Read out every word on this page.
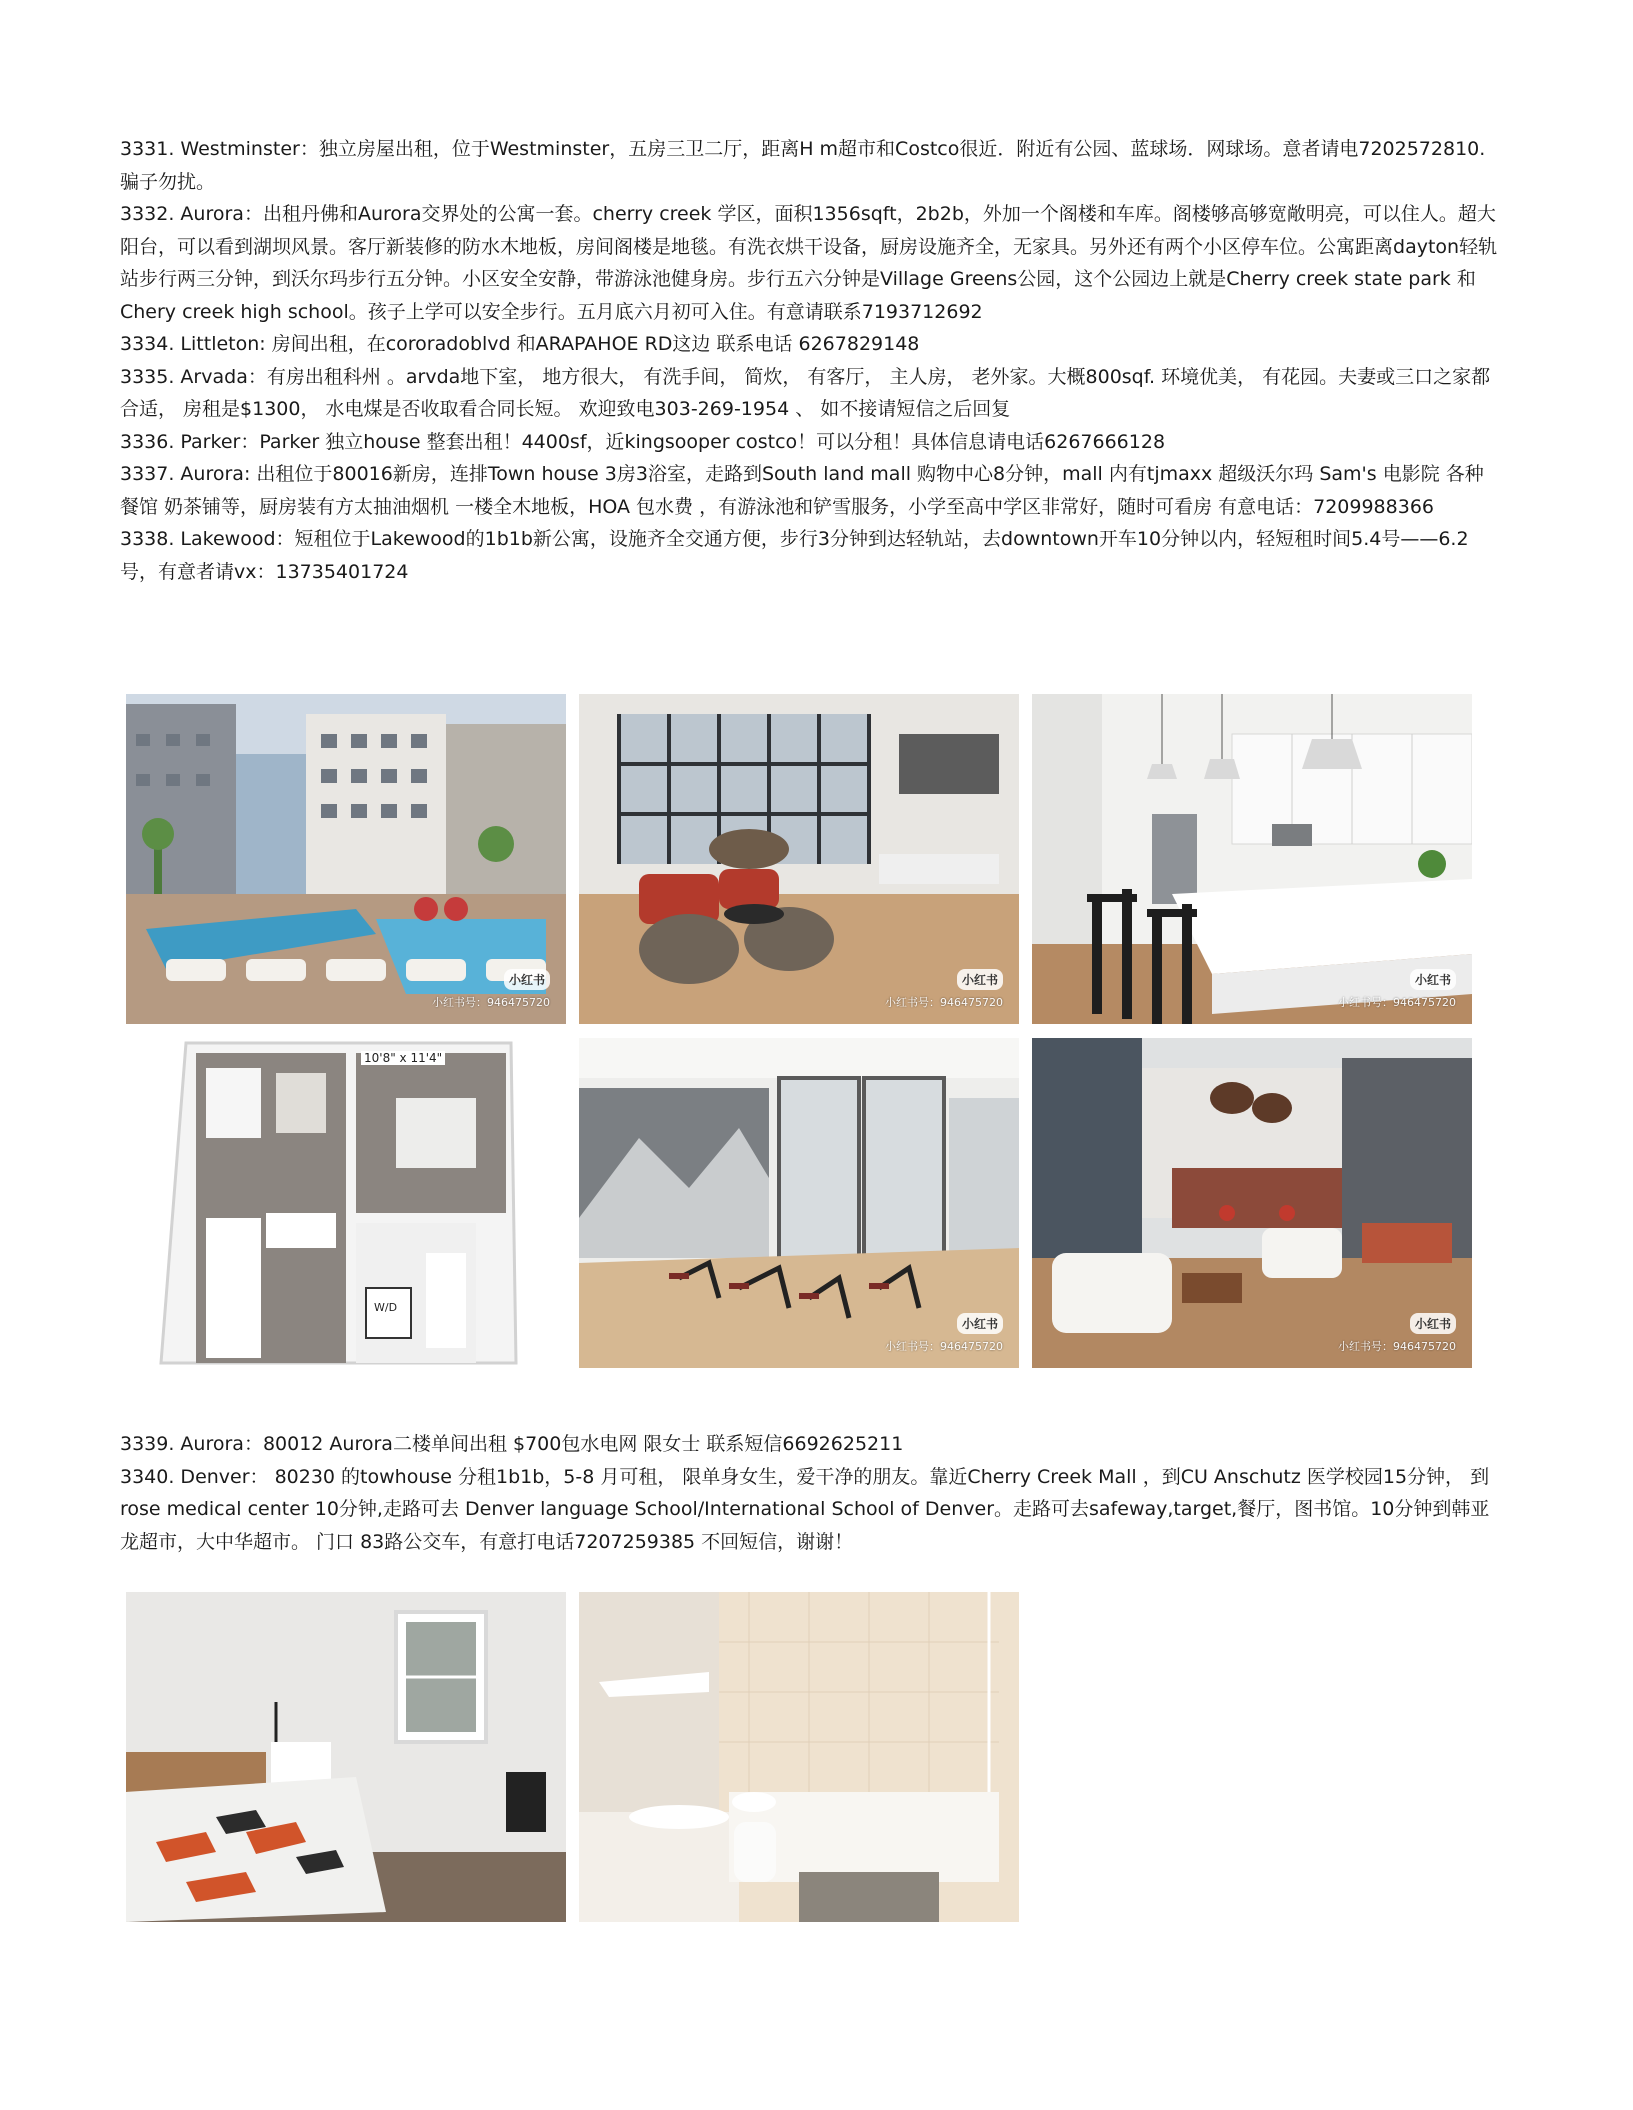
3331. Westminster：独立房屋出租，位于Westminster，五房三卫二厅，距离H m超市和Costco很近．附近有公园、蓝球场．网球场。意者请电7202572810. 骗子勿扰。

3332. Aurora：出租丹佛和Aurora交界处的公寓一套。cherry creek 学区，面积1356sqft，2b2b，外加一个阁楼和车库。阁楼够高够宽敞明亮，可以住人。超大阳台，可以看到湖坝风景。客厅新装修的防水木地板，房间阁楼是地毯。有洗衣烘干设备，厨房设施齐全，无家具。另外还有两个小区停车位。公寓距离dayton轻轨站步行两三分钟，到沃尔玛步行五分钟。小区安全安静，带游泳池健身房。步行五六分钟是Village Greens公园，这个公园边上就是Cherry creek state park 和Chery creek high school。孩子上学可以安全步行。五月底六月初可入住。有意请联系7193712692

3334. Littleton: 房间出租，在cororadoblvd 和ARAPAHOE RD这边 联系电话 6267829148

3335. Arvada：有房出租科州 。arvda地下室， 地方很大， 有洗手间， 简炊， 有客厅， 主人房， 老外家。大概800sqf. 环境优美， 有花园。夫妻或三口之家都合适， 房租是$1300， 水电煤是否收取看合同长短。 欢迎致电303-269-1954 、 如不接请短信之后回复

3336. Parker：Parker 独立house 整套出租！4400sf，近kingsooper costco！可以分租！具体信息请电话6267666128

3337. Aurora: 出租位于80016新房，连排Town house 3房3浴室，走路到South land mall 购物中心8分钟，mall 内有tjmaxx 超级沃尔玛 Sam's 电影院 各种餐馆 奶茶铺等，厨房装有方太抽油烟机 一楼全木地板，HOA 包水费 ，有游泳池和铲雪服务，小学至高中学区非常好，随时可看房 有意电话：7209988366

3338. Lakewood：短租位于Lakewood的1b1b新公寓，设施齐全交通方便，步行3分钟到达轻轨站，去downtown开车10分钟以内，轻短租时间5.4号——6.2号，有意者请vx：13735401724

小红书
小红书号：946475720
小红书
小红书号：946475720
小红书
小红书号：946475720
10'8" x 11'4"
W/D
小红书
小红书号：946475720
小红书
小红书号：946475720

3339. Aurora：80012 Aurora二楼单间出租 $700包水电网 限女士 联系短信6692625211

3340. Denver： 80230 的towhouse 分租1b1b，5-8 月可租， 限单身女生，爱干净的朋友。靠近Cherry Creek Mall ，到CU Anschutz 医学校园15分钟， 到rose medical center 10分钟,走路可去 Denver language School/International School of Denver。走路可去safeway,target,餐厅，图书馆。10分钟到韩亚龙超市，大中华超市。 门口 83路公交车，有意打电话7207259385 不回短信，谢谢！
